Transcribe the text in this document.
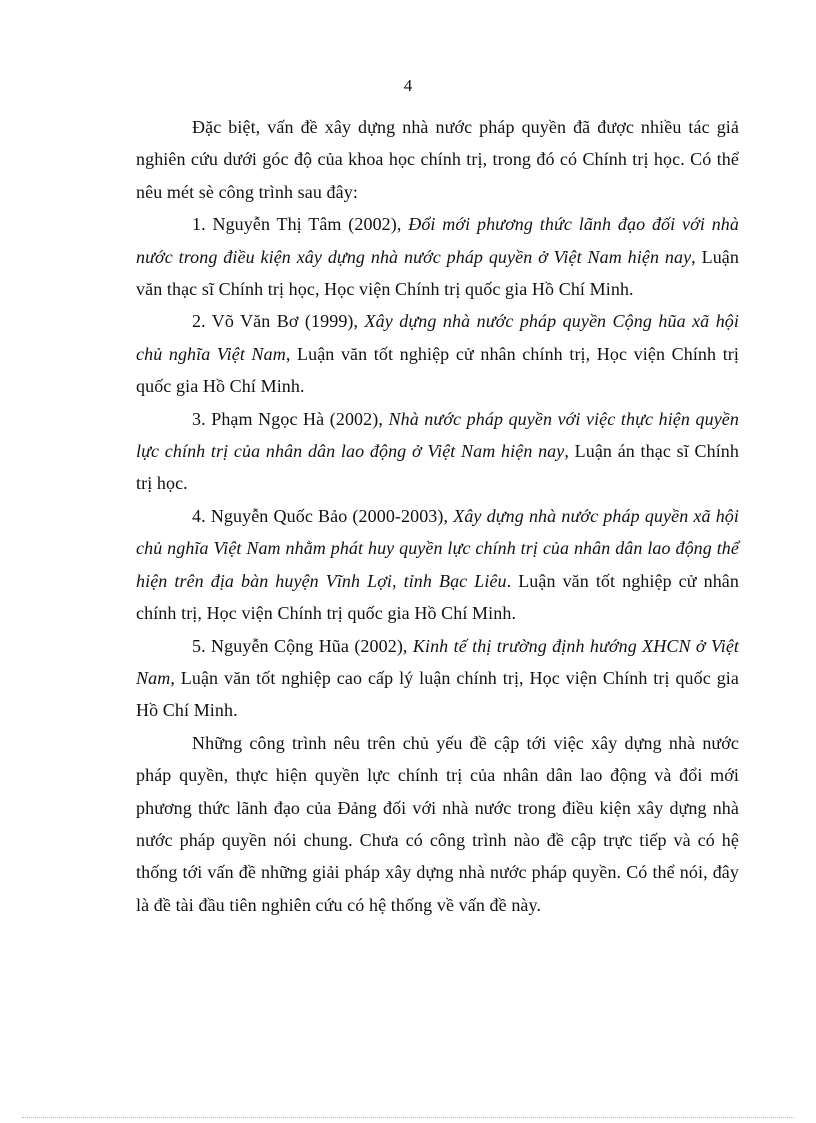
4

Đặc biệt, vấn đề xây dựng nhà nước pháp quyền đã được nhiều tác giả nghiên cứu dưới góc độ của khoa học chính trị, trong đó có Chính trị học. Có thể nêu mét sè công trình sau đây:

1. Nguyễn Thị Tâm (2002), Đổi mới phương thức lãnh đạo đối với nhà nước trong điều kiện xây dựng nhà nước pháp quyền ở Việt Nam hiện nay, Luận văn thạc sĩ Chính trị học, Học viện Chính trị quốc gia Hồ Chí Minh.

2. Võ Văn Bơ (1999), Xây dựng nhà nước pháp quyền Cộng hũa xã hội chủ nghĩa Việt Nam, Luận văn tốt nghiệp cử nhân chính trị, Học viện Chính trị quốc gia Hồ Chí Minh.

3. Phạm Ngọc Hà (2002), Nhà nước pháp quyền với việc thực hiện quyền lực chính trị của nhân dân lao động ở Việt Nam hiện nay, Luận án thạc sĩ Chính trị học.

4. Nguyễn Quốc Bảo (2000-2003), Xây dựng nhà nước pháp quyền xã hội chủ nghĩa Việt Nam nhằm phát huy quyền lực chính trị của nhân dân lao động thể hiện trên địa bàn huyện Vĩnh Lợi, tỉnh Bạc Liêu. Luận văn tốt nghiệp cử nhân chính trị, Học viện Chính trị quốc gia Hồ Chí Minh.

5. Nguyễn Cộng Hũa (2002), Kinh tế thị trường định hướng XHCN ở Việt Nam, Luận văn tốt nghiệp cao cấp lý luận chính trị, Học viện Chính trị quốc gia Hồ Chí Minh.

Những công trình nêu trên chủ yếu đề cập tới việc xây dựng nhà nước pháp quyền, thực hiện quyền lực chính trị của nhân dân lao động và đổi mới phương thức lãnh đạo của Đảng đối với nhà nước trong điều kiện xây dựng nhà nước pháp quyền nói chung. Chưa có công trình nào đề cập trực tiếp và có hệ thống tới vấn đề những giải pháp xây dựng nhà nước pháp quyền. Có thể nói, đây là đề tài đầu tiên nghiên cứu có hệ thống về vấn đề này.
